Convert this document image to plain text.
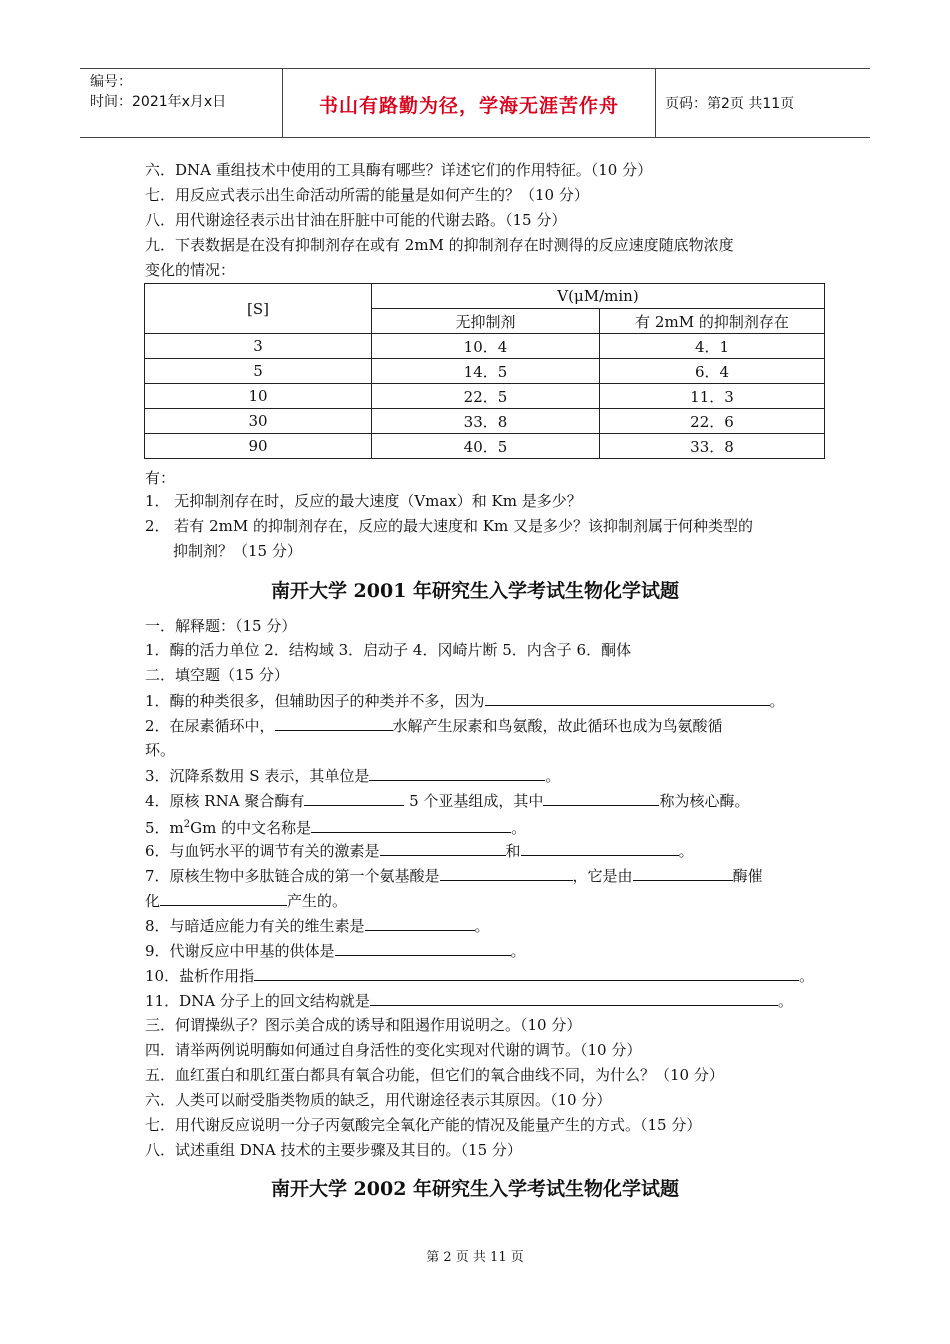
编号：
时间：2021年x月x日	书山有路勤为径，学海无涯苦作舟	页码：第2页 共11页
六．DNA 重组技术中使用的工具酶有哪些？详述它们的作用特征。（10 分）
七．用反应式表示出生命活动所需的能量是如何产生的？（10 分）
八．用代谢途径表示出甘油在肝脏中可能的代谢去路。（15 分）
九．下表数据是在没有抑制剂存在或有 2mM 的抑制剂存在时测得的反应速度随底物浓度
变化的情况：
[S]	V(μM/min)	
	无抑制剂	有 2mM 的抑制剂存在
3	10．4	4．1
5	14．5	6．4
10	22．5	11．3
30	33．8	22．6
90	40．5	33．8
有：
1． 无抑制剂存在时，反应的最大速度（Vmax）和 Km 是多少？
2． 若有 2mM 的抑制剂存在，反应的最大速度和 Km 又是多少？该抑制剂属于何种类型的
抑制剂？（15 分）
南开大学 2001 年研究生入学考试生物化学试题
一．解释题：（15 分）
1．酶的活力单位 2．结构域 3．启动子 4．冈崎片断 5．内含子 6．酮体
二．填空题（15 分）
1．酶的种类很多，但辅助因子的种类并不多，因为	。
2．在尿素循环中，	水解产生尿素和鸟氨酸，故此循环也成为鸟氨酸循
环。
3．沉降系数用 S 表示，其单位是	。
4．原核 RNA 聚合酶有	5 个亚基组成，其中	称为核心酶。
5．$m^2Gm$ 的中文名称是	。
6．与血钙水平的调节有关的激素是	和	。
7．原核生物中多肽链合成的第一个氨基酸是	，它是由	酶催
化	产生的。
8．与暗适应能力有关的维生素是	。
9．代谢反应中甲基的供体是	。
10．盐析作用指	。
11．DNA 分子上的回文结构就是	。
三．何谓操纵子？图示美合成的诱导和阻遏作用说明之。（10 分）
四．请举两例说明酶如何通过自身活性的变化实现对代谢的调节。（10 分）
五．血红蛋白和肌红蛋白都具有氧合功能，但它们的氧合曲线不同，为什么？（10 分）
六．人类可以耐受脂类物质的缺乏，用代谢途径表示其原因。（10 分）
七．用代谢反应说明一分子丙氨酸完全氧化产能的情况及能量产生的方式。（15 分）
八．试述重组 DNA 技术的主要步骤及其目的。（15 分）
南开大学 2002 年研究生入学考试生物化学试题
第 2 页 共 11 页
